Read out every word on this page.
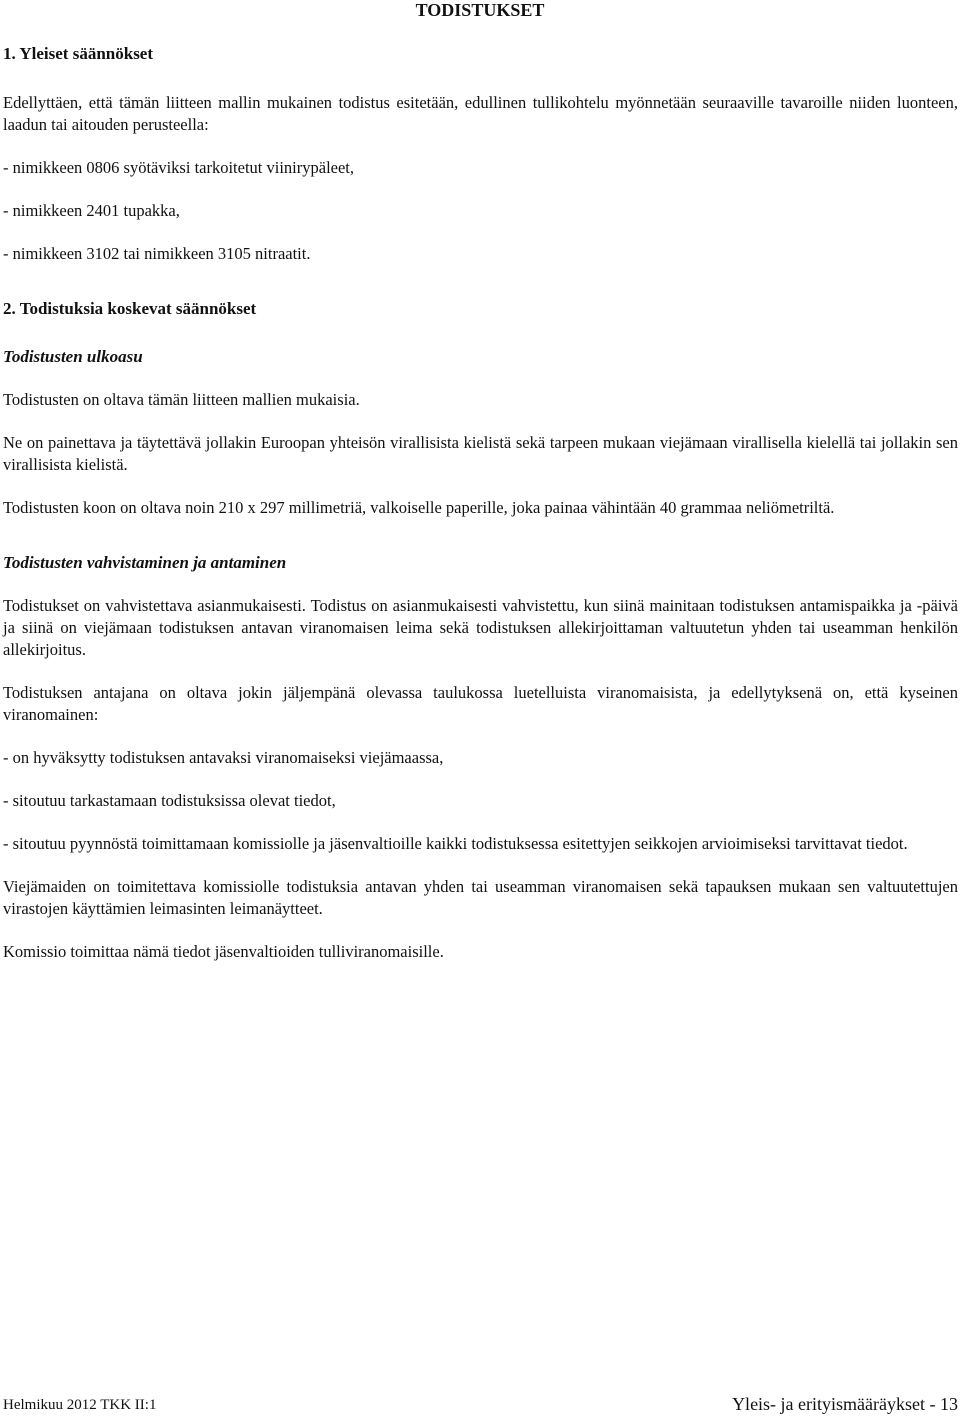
TODISTUKSET
1. Yleiset säännökset

Edellyttäen, että tämän liitteen mallin mukainen todistus esitetään, edullinen tullikohtelu myönnetään seuraaville tavaroille niiden luonteen, laadun tai aitouden perusteella:

- nimikkeen 0806 syötäviksi tarkoitetut viinirypäleet,

- nimikkeen 2401 tupakka,

- nimikkeen 3102 tai nimikkeen 3105 nitraatit.

2. Todistuksia koskevat säännökset
Todistusten ulkoasu

Todistusten on oltava tämän liitteen mallien mukaisia.

Ne on painettava ja täytettävä jollakin Euroopan yhteisön virallisista kielistä sekä tarpeen mukaan viejämaan virallisella kielellä tai jollakin sen virallisista kielistä.

Todistusten koon on oltava noin 210 x 297 millimetriä, valkoiselle paperille, joka painaa vähintään 40 grammaa neliömetriltä.

Todistusten vahvistaminen ja antaminen

Todistukset on vahvistettava asianmukaisesti. Todistus on asianmukaisesti vahvistettu, kun siinä mainitaan todistuksen antamispaikka ja -päivä ja siinä on viejämaan todistuksen antavan viranomaisen leima sekä todistuksen allekirjoittaman valtuutetun yhden tai useamman henkilön allekirjoitus.

Todistuksen antajana on oltava jokin jäljempänä olevassa taulukossa luetelluista viranomaisista, ja edellytyksenä on, että kyseinen viranomainen:

- on hyväksytty todistuksen antavaksi viranomaiseksi viejämaassa,

- sitoutuu tarkastamaan todistuksissa olevat tiedot,

- sitoutuu pyynnöstä toimittamaan komissiolle ja jäsenvaltioille kaikki todistuksessa esitettyjen seikkojen arvioimiseksi tarvittavat tiedot.

Viejämaiden on toimitettava komissiolle todistuksia antavan yhden tai useamman viranomaisen sekä tapauksen mukaan sen valtuutettujen virastojen käyttämien leimasinten leimanäytteet.

Komissio toimittaa nämä tiedot jäsenvaltioiden tulliviranomaisille.

Helmikuu 2012 TKK II:1	Yleis- ja erityismääräykset - 13
